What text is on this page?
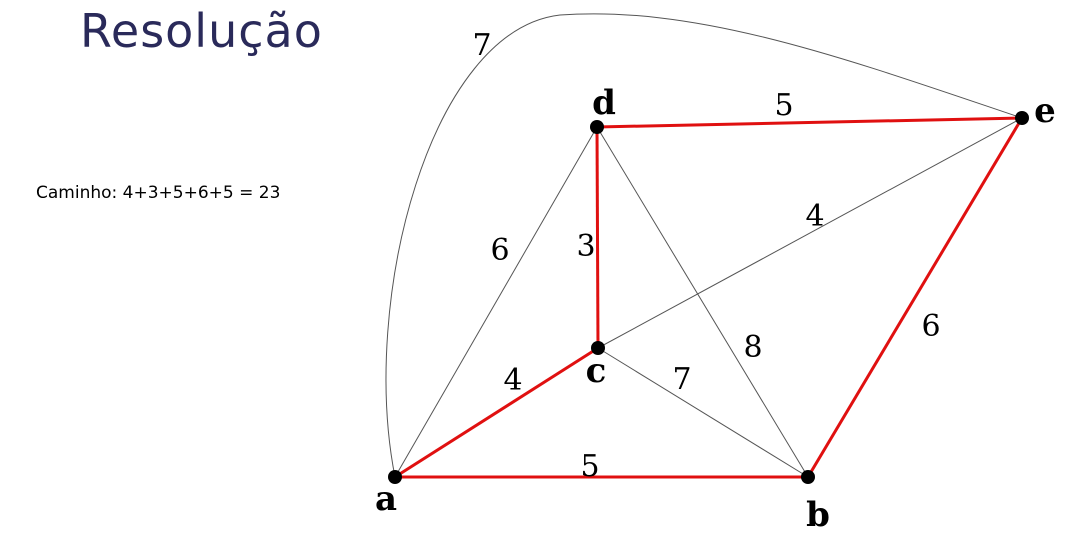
Resolução
Caminho: 4+3+5+6+5 = 23
7
5
6 3
4
8
6
4	7
5
a	b
c
d	e
